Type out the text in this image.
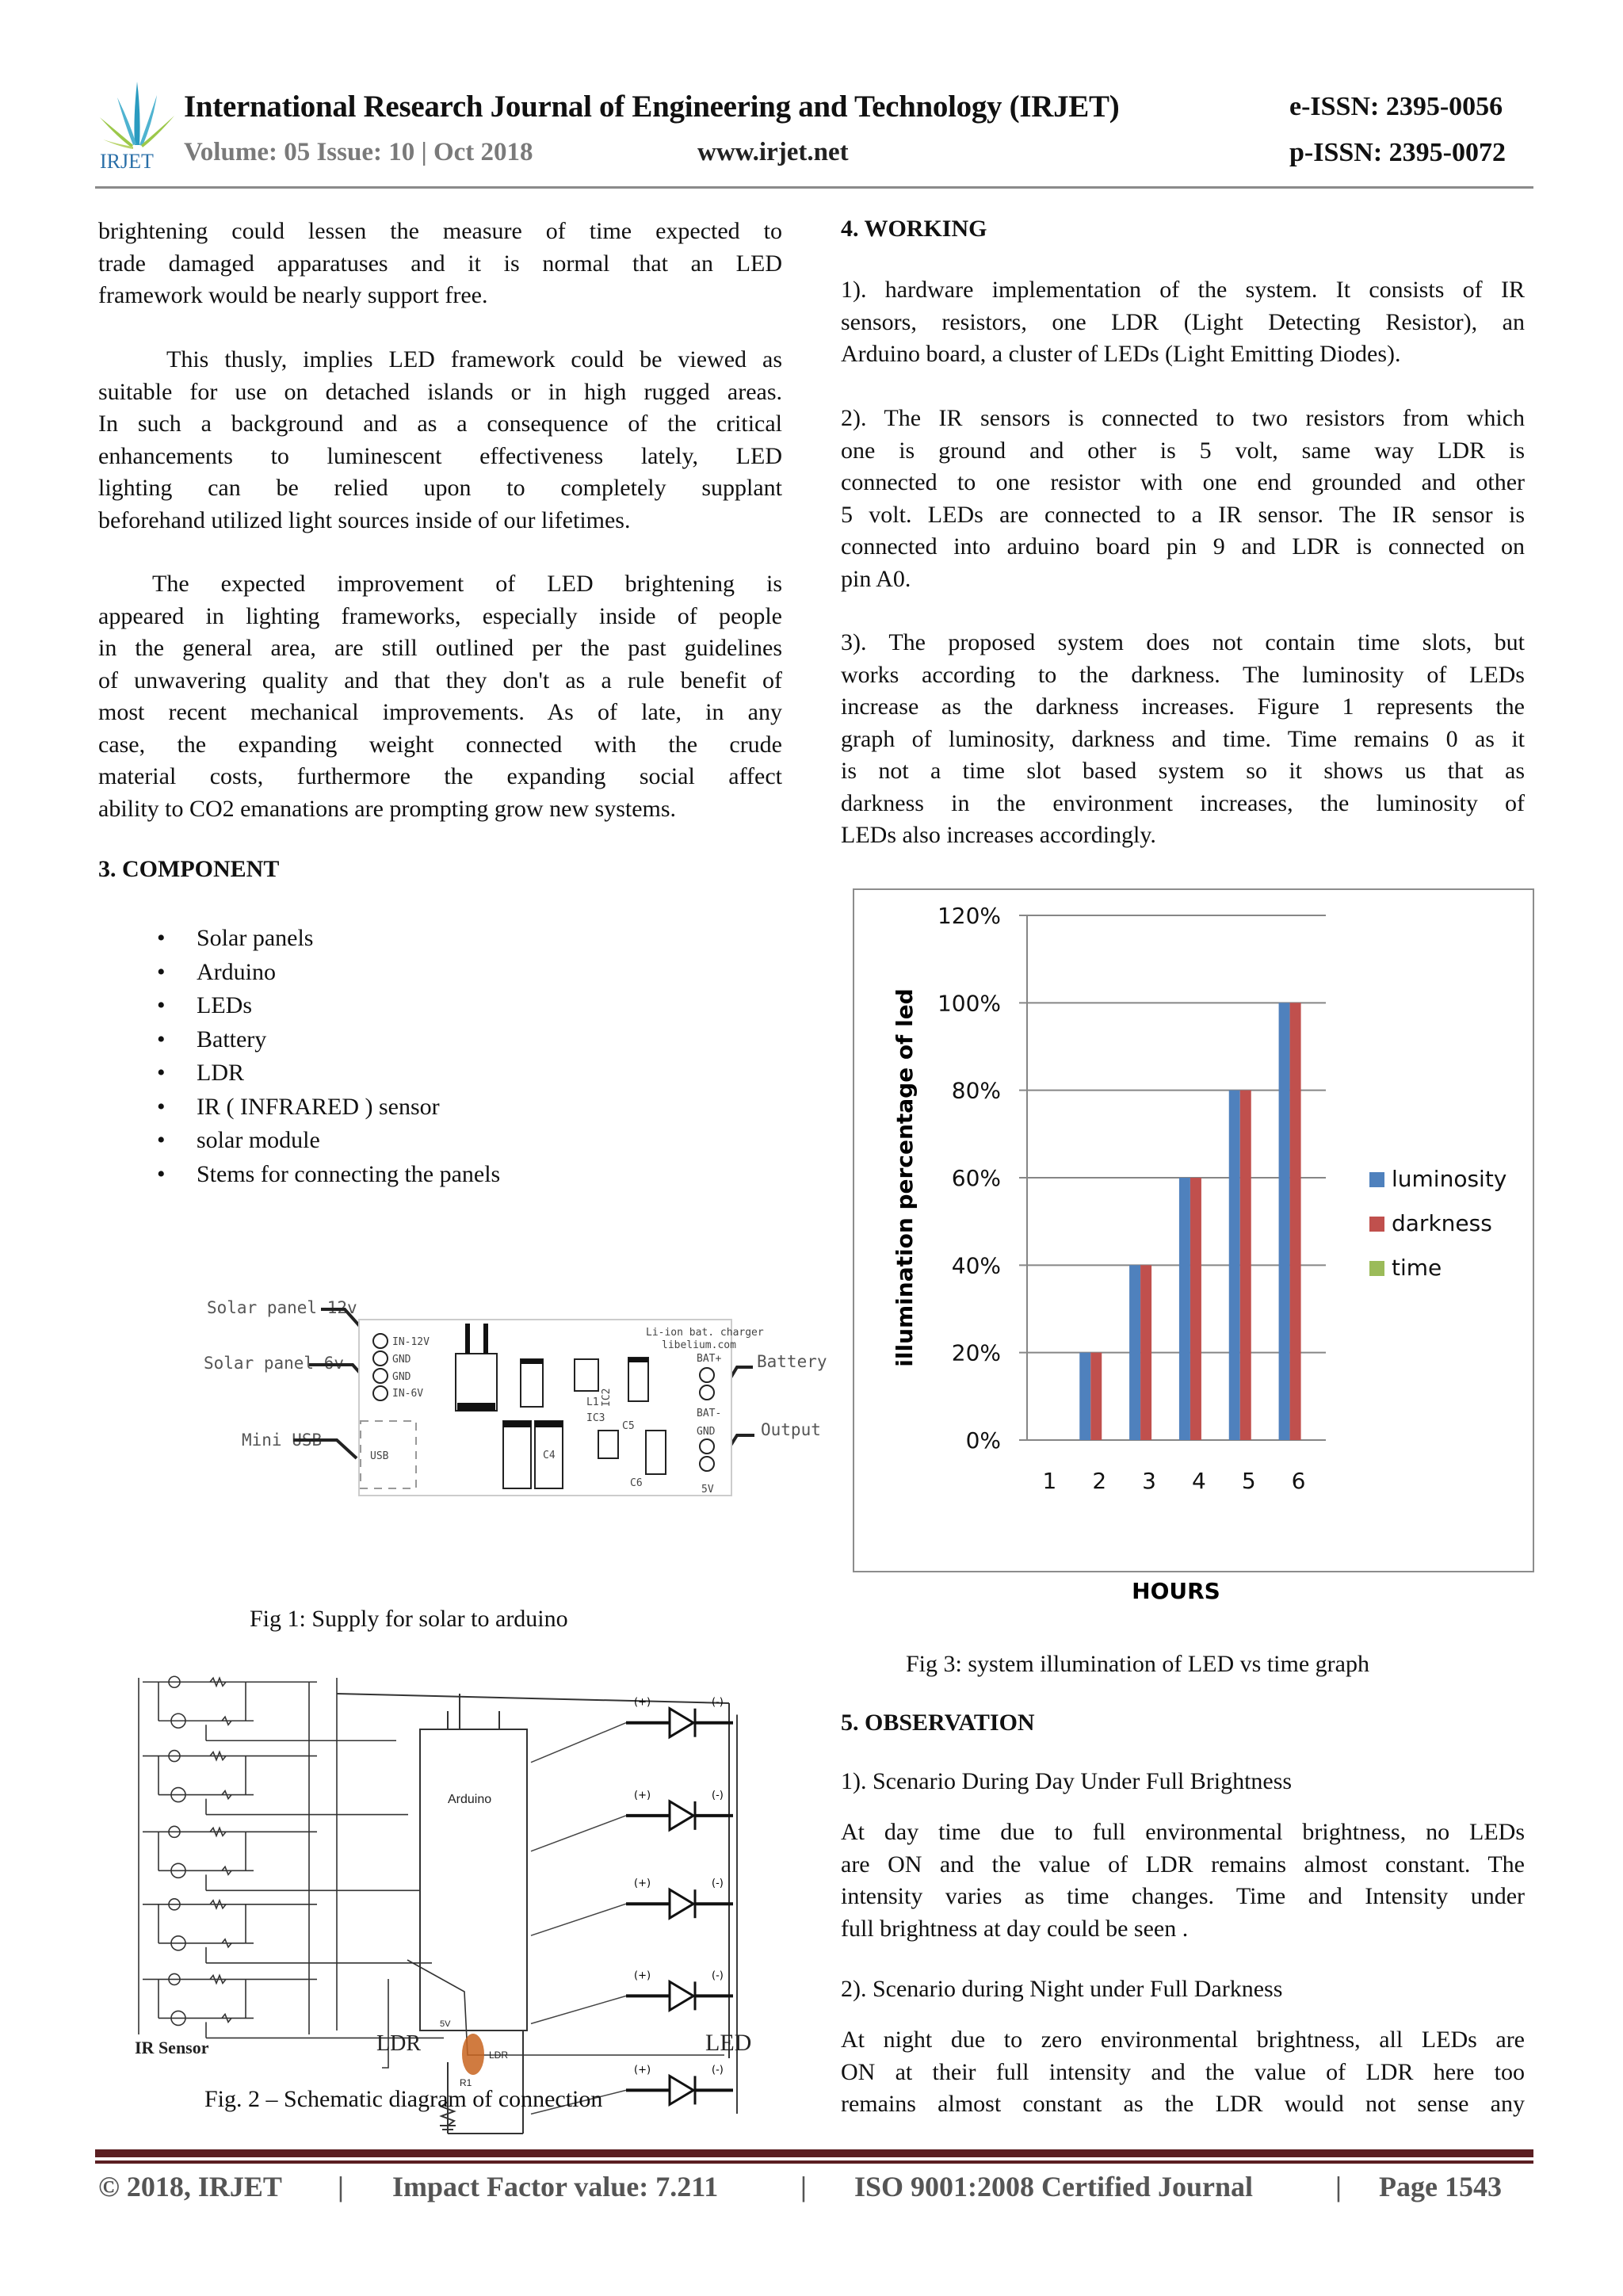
IRJET
International Research Journal of Engineering and Technology (IRJET)	e-ISSN: 2395-0056
Volume: 05 Issue: 10 | Oct 2018	www.irjet.net	p-ISSN: 2395-0072
brightening could lessen the measure of time expected to
trade damaged apparatuses and it is normal that an LED
framework would be nearly support free.
This thusly, implies LED framework could be viewed as
suitable for use on detached islands or in high rugged areas.
In such a background and as a consequence of the critical
enhancements to luminescent effectiveness lately, LED
lighting can be relied upon to completely supplant
beforehand utilized light sources inside of our lifetimes.
The expected improvement of LED brightening is
appeared in lighting frameworks, especially inside of people
in the general area, are still outlined per the past guidelines
of unwavering quality and that they don't as a rule benefit of
most recent mechanical improvements. As of late, in any
case, the expanding weight connected with the crude
material costs, furthermore the expanding social affect
ability to CO2 emanations are prompting grow new systems.
3. COMPONENT
• Solar panels
• Arduino
• LEDs
• Battery
• LDR
• IR ( INFRARED ) sensor
• solar module
• Stems for connecting the panels
Solar panel 12v
Solar panel 6v
Mini USB
Battery
Output
Li-ion bat. charger
libelium.com
IN-12V
GND
GND
IN-6V
USB
BAT+
BAT-
GND
5V
L1
IC3
IC2
C4
C6
C5
Fig 1: Supply for solar to arduino
(+)	(-)
(+)	(-)
(+)	(-)
(+)	(-)
(+)	(-)
Arduino
LDR
R1
5V
IR Sensor	LDR	LED
Fig. 2 – Schematic diagram of connection
4. WORKING
1). hardware implementation of the system. It consists of IR
sensors, resistors, one LDR (Light Detecting Resistor), an
Arduino board, a cluster of LEDs (Light Emitting Diodes).
2). The IR sensors is connected to two resistors from which
one is ground and other is 5 volt, same way LDR is
connected to one resistor with one end grounded and other
5 volt. LEDs are connected to a IR sensor. The IR sensor is
connected into arduino board pin 9 and LDR is connected on
pin A0.
3). The proposed system does not contain time slots, but
works according to the darkness. The luminosity of LEDs
increase as the darkness increases. Figure 1 represents the
graph of luminosity, darkness and time. Time remains 0 as it
is not a time slot based system so it shows us that as
darkness in the environment increases, the luminosity of
LEDs also increases accordingly.
0%
20%
40%
60%
80%
100%
120%
1 2 3 4 5 6
illumination percentage of led
HOURS
luminosity
darkness
time
Fig 3: system illumination of LED vs time graph
5. OBSERVATION
1). Scenario During Day Under Full Brightness
At day time due to full environmental brightness, no LEDs
are ON and the value of LDR remains almost constant. The
intensity varies as time changes. Time and Intensity under
full brightness at day could be seen .
2). Scenario during Night under Full Darkness
At night due to zero environmental brightness, all LEDs are
ON at their full intensity and the value of LDR here too
remains almost constant as the LDR would not sense any
© 2018, IRJET | Impact Factor value: 7.211	| ISO 9001:2008 Certified Journal	| Page 1543
